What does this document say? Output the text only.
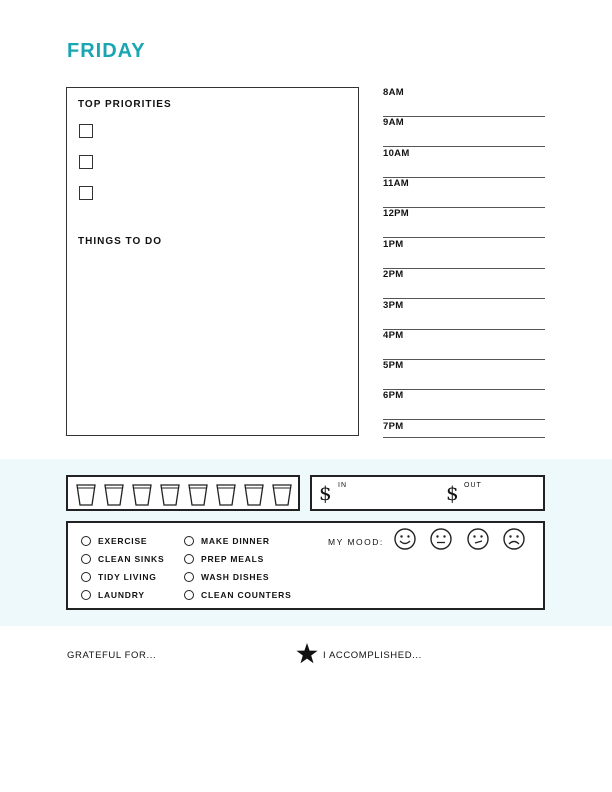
FRIDAY
TOP PRIORITIES
THINGS TO DO
8AM
9AM
10AM
11AM
12PM
1PM
2PM
3PM
4PM
5PM
6PM
7PM
$ IN	$ OUT
EXERCISE
CLEAN SINKS
TIDY LIVING
LAUNDRY
MAKE DINNER
PREP MEALS
WASH DISHES
CLEAN COUNTERS
MY MOOD:
GRATEFUL FOR...	I ACCOMPLISHED...
